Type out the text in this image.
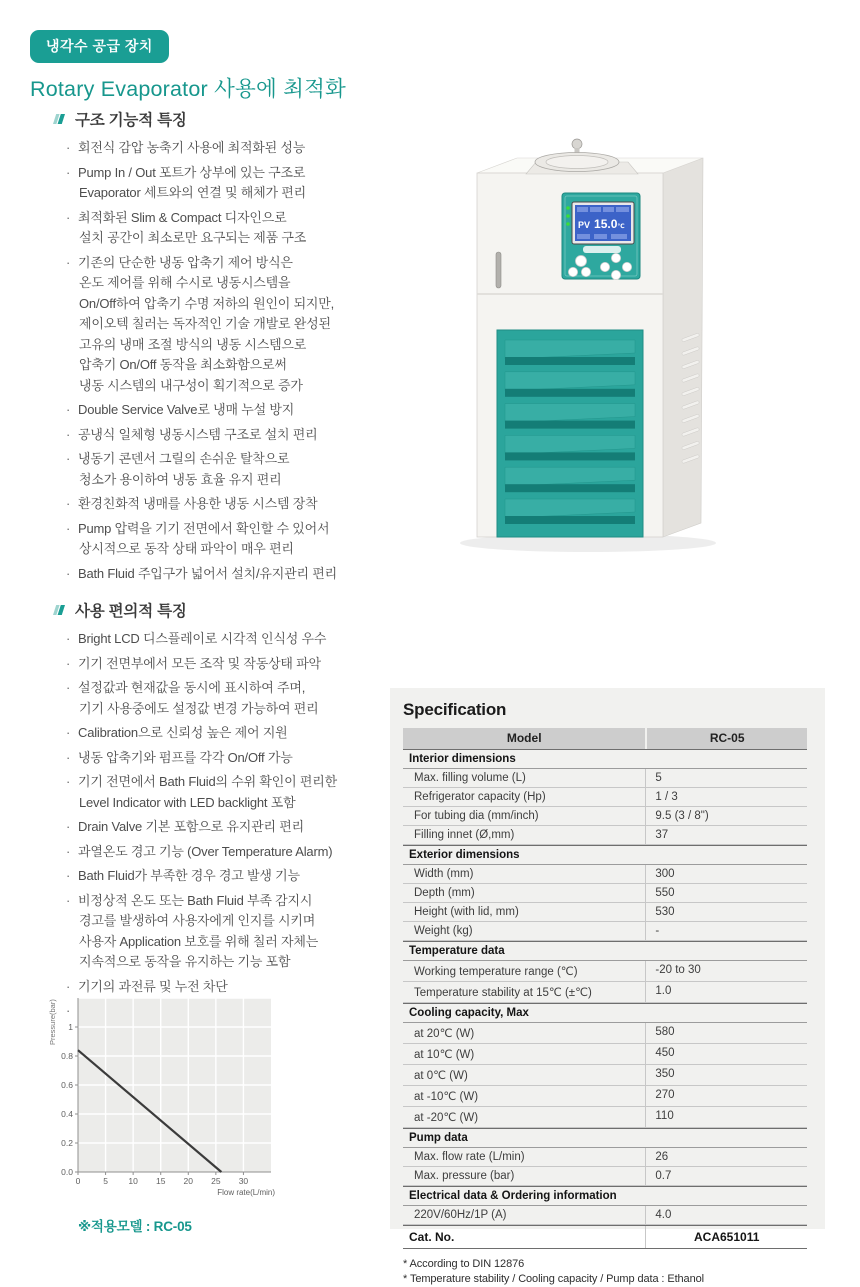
냉각수 공급 장치
Rotary Evaporator 사용에 최적화
구조 기능적 특징
· 회전식 감압 농축기 사용에 최적화된 성능
· Pump In / Out 포트가 상부에 있는 구조로
Evaporator 세트와의 연결 및 해체가 편리
· 최적화된 Slim & Compact 디자인으로
설치 공간이 최소로만 요구되는 제품 구조
· 기존의 단순한 냉동 압축기 제어 방식은
온도 제어를 위해 수시로 냉동시스템을
On/Off하여 압축기 수명 저하의 원인이 되지만,
제이오텍 칠러는 독자적인 기술 개발로 완성된
고유의 냉매 조절 방식의 냉동 시스템으로
압축기 On/Off 동작을 최소화함으로써
냉동 시스템의 내구성이 획기적으로 증가
· Double Service Valve로 냉매 누설 방지
· 공냉식 일체형 냉동시스템 구조로 설치 편리
· 냉동기 콘덴서 그릴의 손쉬운 탈착으로
청소가 용이하여 냉동 효율 유지 편리
· 환경친화적 냉매를 사용한 냉동 시스템 장착
· Pump 압력을 기기 전면에서 확인할 수 있어서
상시적으로 동작 상태 파악이 매우 편리
· Bath Fluid 주입구가 넓어서 설치/유지관리 편리
사용 편의적 특징
· Bright LCD 디스플레이로 시각적 인식성 우수
· 기기 전면부에서 모든 조작 및 작동상태 파악
· 설정값과 현재값을 동시에 표시하여 주며,
기기 사용중에도 설정값 변경 가능하여 편리
· Calibration으로 신뢰성 높은 제어 지원
· 냉동 압축기와 펌프를 각각 On/Off 가능
· 기기 전면에서 Bath Fluid의 수위 확인이 편리한
Level Indicator with LED backlight 포함
· Drain Valve 기본 포함으로 유지관리 편리
· 과열온도 경고 기능 (Over Temperature Alarm)
· Bath Fluid가 부족한 경우 경고 발생 기능
· 비정상적 온도 또는 Bath Fluid 부족 감지시
경고를 발생하여 사용자에게 인지를 시키며
사용자 Application 보호를 위해 칠러 자체는
지속적으로 동작을 유지하는 기능 포함
· 기기의 과전류 및 누전 차단
·
PV 15.0℃
Specification
Model	RC-05
Interior dimensions
Max. filling volume (L)	5
Refrigerator capacity (Hp)	1 / 3
For tubing dia (mm/inch)	9.5 (3 / 8")
Filling innet (Ø,mm)	37
Exterior dimensions
Width (mm)	300
Depth (mm)	550
Height (with lid, mm)	530
Weight (kg)	-
Temperature data
Working temperature range (℃)	-20 to 30
Temperature stability at 15℃ (±℃)	1.0
Cooling capacity, Max
at 20℃ (W)	580
at 10℃ (W)	450
at 0℃ (W)	350
at -10℃ (W)	270
at -20℃ (W)	110
Pump data
Max. flow rate (L/min)	26
Max. pressure (bar)	0.7
Electrical data & Ordering information
220V/60Hz/1P (A)	4.0
Cat. No.	ACA651011
* According to DIN 12876
* Temperature stability / Cooling capacity / Pump data : Ethanol
0	5 10 15 20 25 30
0.0
0.2
0.4
0.6
0.8
1
Pressure(bar)
Flow rate(L/min)
※적용모델 : RC-05
